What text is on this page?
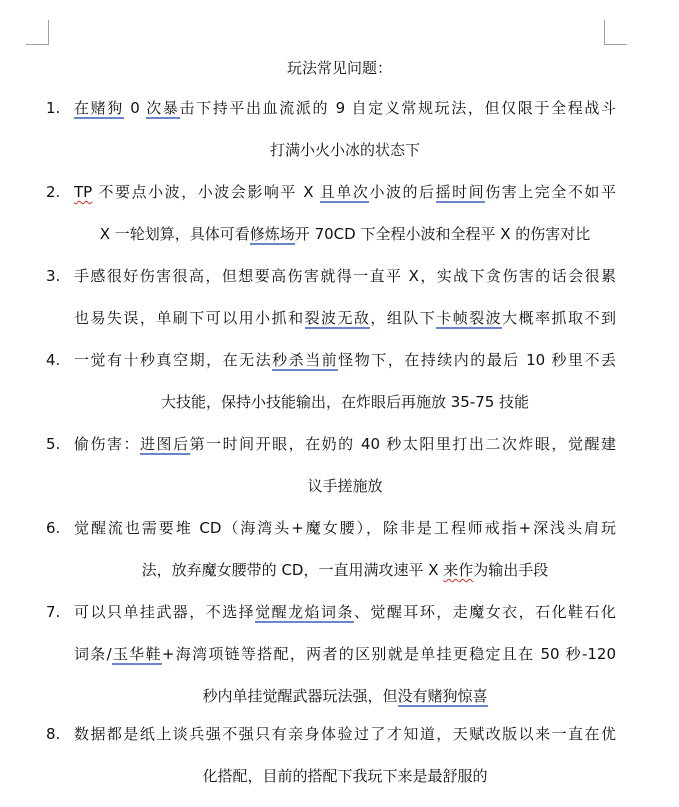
玩法常见问题：
1. 在赌狗 0 次暴击下持平出血流派的 9 自定义常规玩法，但仅限于全程战斗
打满小火小冰的状态下
2. TP 不要点小波，小波会影响平 X 且单次小波的后摇时间伤害上完全不如平
X 一轮划算，具体可看修炼场开 70CD 下全程小波和全程平 X 的伤害对比
3. 手感很好伤害很高，但想要高伤害就得一直平 X，实战下贪伤害的话会很累
也易失误，单刷下可以用小抓和裂波无敌，组队下卡帧裂波大概率抓取不到
4. 一觉有十秒真空期，在无法秒杀当前怪物下，在持续内的最后 10 秒里不丢
大技能，保持小技能输出，在炸眼后再施放 35-75 技能
5. 偷伤害：进图后第一时间开眼，在奶的 40 秒太阳里打出二次炸眼，觉醒建
议手搓施放
6. 觉醒流也需要堆 CD（海湾头+魔女腰），除非是工程师戒指+深浅头肩玩
法，放弃魔女腰带的 CD，一直用满攻速平 X 来作为输出手段
7. 可以只单挂武器，不选择觉醒龙焰词条、觉醒耳环，走魔女衣，石化鞋石化
词条/玉华鞋+海湾项链等搭配，两者的区别就是单挂更稳定且在 50 秒-120
秒内单挂觉醒武器玩法强，但没有赌狗惊喜
8. 数据都是纸上谈兵强不强只有亲身体验过了才知道，天赋改版以来一直在优
化搭配，目前的搭配下我玩下来是最舒服的
